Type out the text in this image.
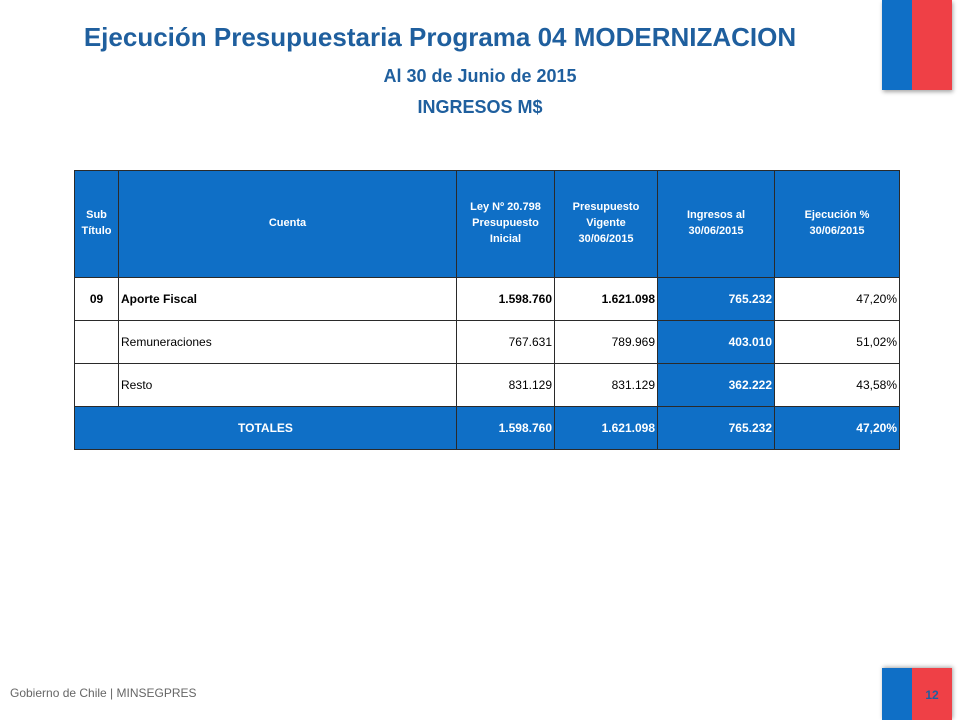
Ejecución Presupuestaria Programa 04 MODERNIZACION

Al 30 de Junio de 2015

INGRESOS M$

Sub Título	Cuenta	Ley Nº 20.798 Presupuesto Inicial	Presupuesto Vigente 30/06/2015	Ingresos al 30/06/2015	Ejecución % 30/06/2015
09	Aporte Fiscal	1.598.760	1.621.098	765.232	47,20%
	Remuneraciones	767.631	789.969	403.010	51,02%
	Resto	831.129	831.129	362.222	43,58%
TOTALES		1.598.760	1.621.098	765.232	47,20%
Gobierno de Chile | MINSEGPRES	12
